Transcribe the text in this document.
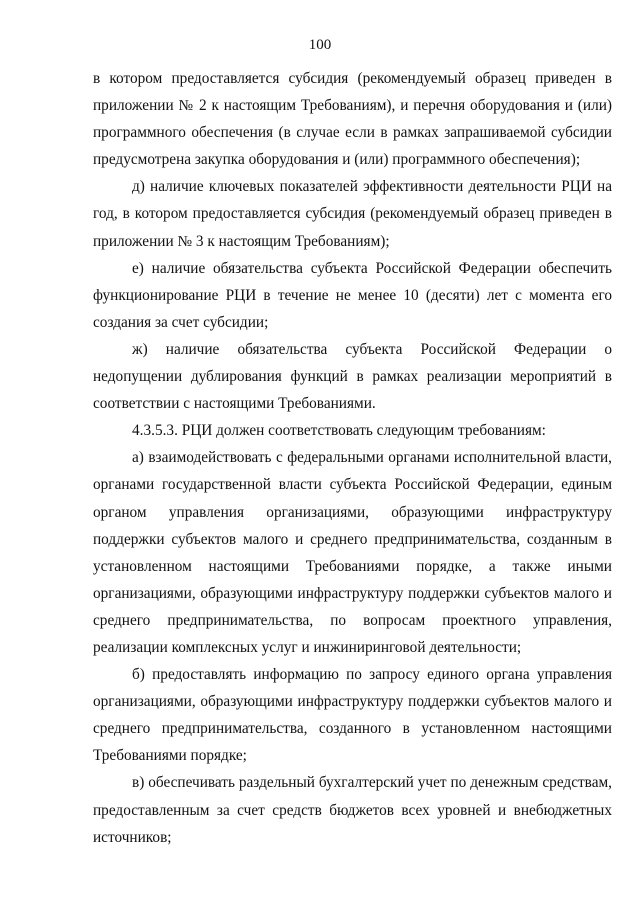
100

в котором предоставляется субсидия (рекомендуемый образец приведен в приложении № 2 к настоящим Требованиям), и перечня оборудования и (или) программного обеспечения (в случае если в рамках запрашиваемой субсидии предусмотрена закупка оборудования и (или) программного обеспечения);

д) наличие ключевых показателей эффективности деятельности РЦИ на год, в котором предоставляется субсидия (рекомендуемый образец приведен в приложении № 3 к настоящим Требованиям);

е) наличие обязательства субъекта Российской Федерации обеспечить функционирование РЦИ в течение не менее 10 (десяти) лет с момента его создания за счет субсидии;

ж) наличие обязательства субъекта Российской Федерации о недопущении дублирования функций в рамках реализации мероприятий в соответствии с настоящими Требованиями.

4.3.5.3. РЦИ должен соответствовать следующим требованиям:

а) взаимодействовать с федеральными органами исполнительной власти, органами государственной власти субъекта Российской Федерации, единым органом управления организациями, образующими инфраструктуру поддержки субъектов малого и среднего предпринимательства, созданным в установленном настоящими Требованиями порядке, а также иными организациями, образующими инфраструктуру поддержки субъектов малого и среднего предпринимательства, по вопросам проектного управления, реализации комплексных услуг и инжиниринговой деятельности;

б) предоставлять информацию по запросу единого органа управления организациями, образующими инфраструктуру поддержки субъектов малого и среднего предпринимательства, созданного в установленном настоящими Требованиями порядке;

в) обеспечивать раздельный бухгалтерский учет по денежным средствам, предоставленным за счет средств бюджетов всех уровней и внебюджетных источников;
